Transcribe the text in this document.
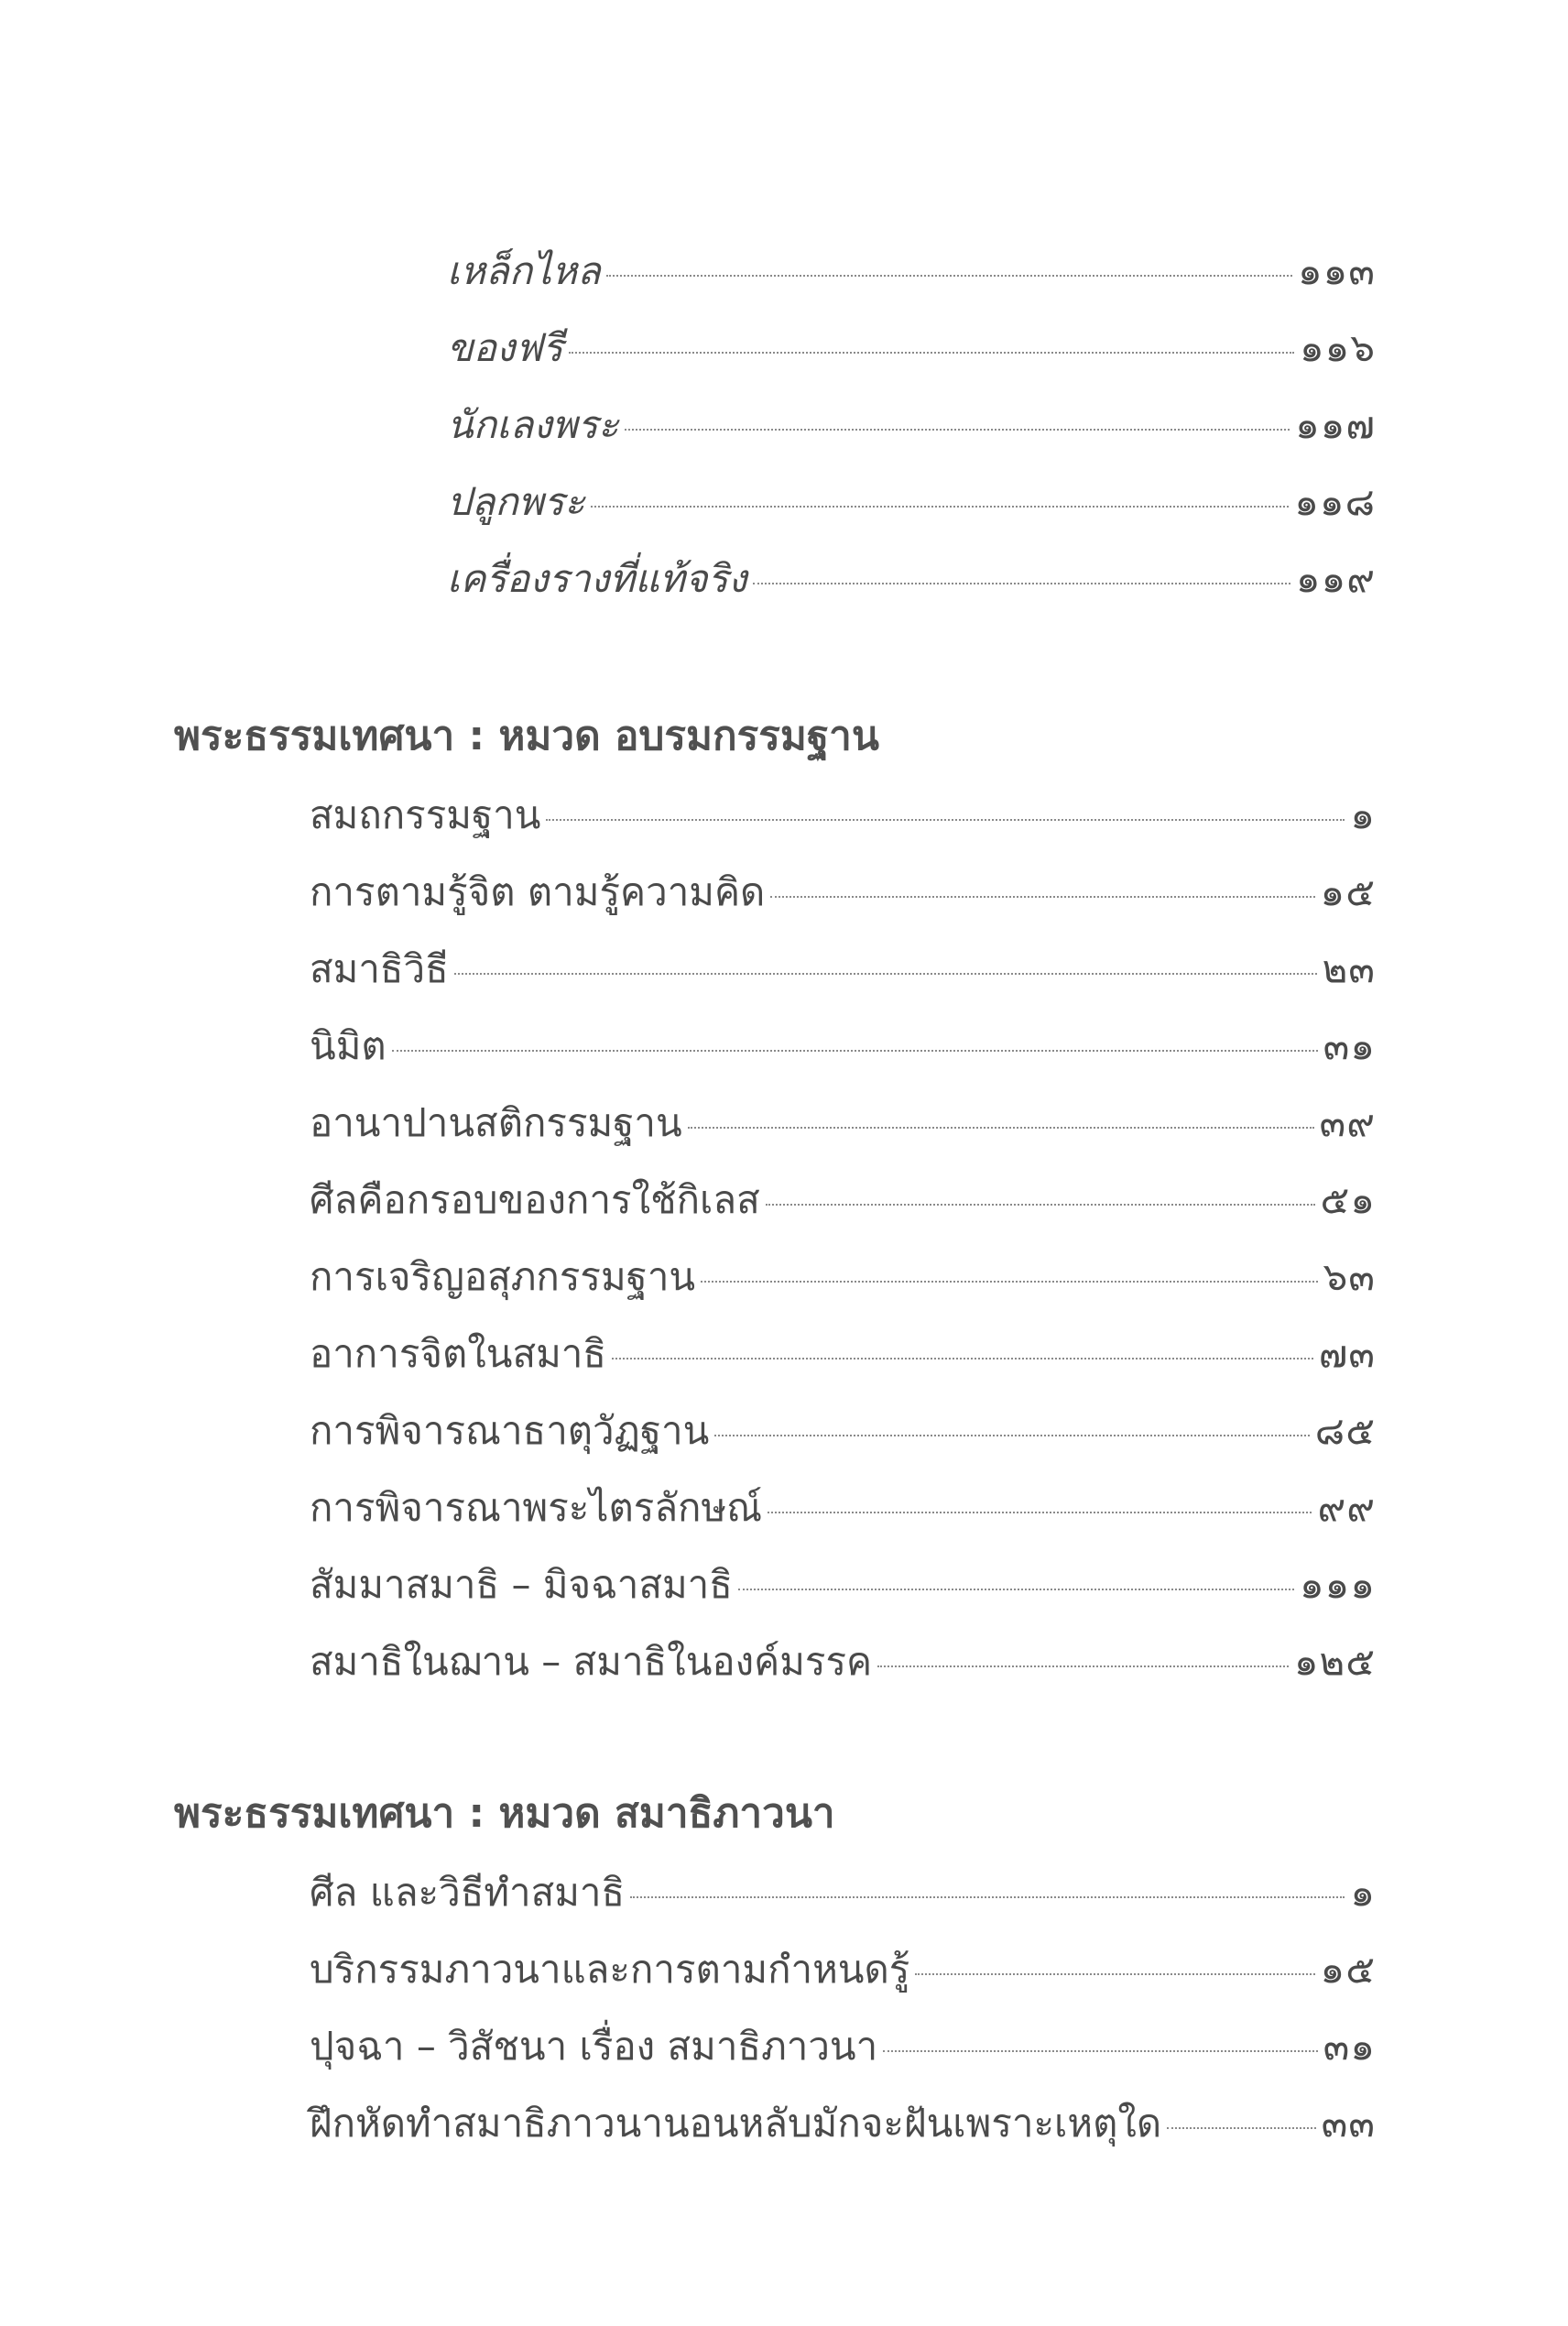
เหล็กไหล	๑๑๓
ของฟรี	๑๑๖
นักเลงพระ	๑๑๗
ปลูกพระ	๑๑๘
เครื่องรางที่แท้จริง	๑๑๙
พระธรรมเทศนา : หมวด อบรมกรรมฐาน
สมถกรรมฐาน	๑
การตามรู้จิต ตามรู้ความคิด	๑๕
สมาธิวิธี	๒๓
นิมิต	๓๑
อานาปานสติกรรมฐาน	๓๙
ศีลคือกรอบของการใช้กิเลส	๕๑
การเจริญอสุภกรรมฐาน	๖๓
อาการจิตในสมาธิ	๗๓
การพิจารณาธาตุวัฏฐาน	๘๕
การพิจารณาพระไตรลักษณ์	๙๙
สัมมาสมาธิ – มิจฉาสมาธิ	๑๑๑
สมาธิในฌาน – สมาธิในองค์มรรค	๑๒๕
พระธรรมเทศนา : หมวด สมาธิภาวนา
ศีล และวิธีทำสมาธิ	๑
บริกรรมภาวนาและการตามกำหนดรู้	๑๕
ปุจฉา – วิสัชนา เรื่อง สมาธิภาวนา	๓๑
ฝึกหัดทำสมาธิภาวนานอนหลับมักจะฝันเพราะเหตุใด	๓๓
